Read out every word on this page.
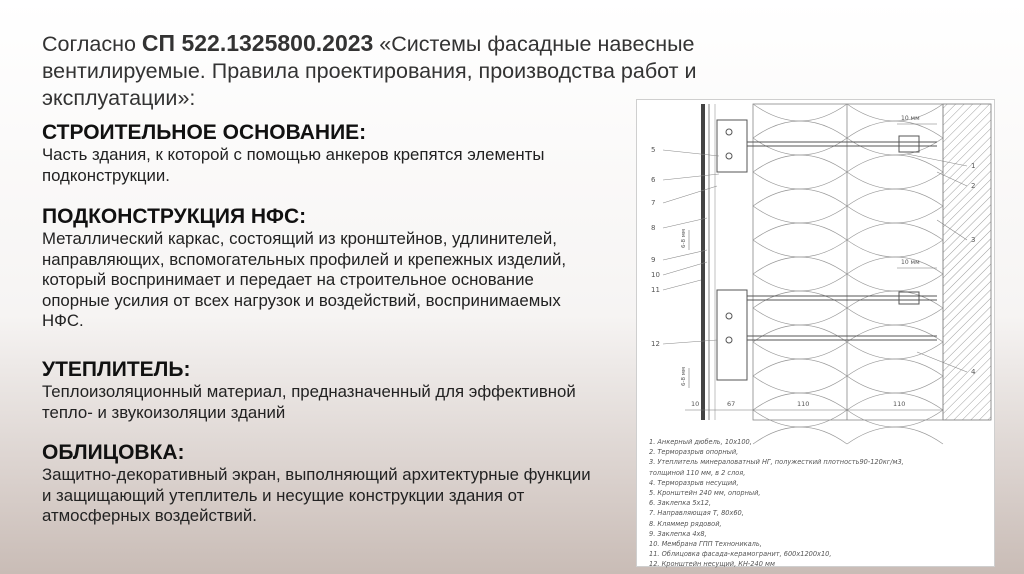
Согласно СП 522.1325800.2023 «Системы фасадные навесные вентилируемые. Правила проектирования, производства работ и эксплуатации»:

СТРОИТЕЛЬНОЕ ОСНОВАНИЕ:

Часть здания, к которой с помощью анкеров крепятся элементы подконструкции.

ПОДКОНСТРУКЦИЯ НФС:

Металлический каркас, состоящий из кронштейнов, удлинителей, направляющих, вспомогательных профилей и крепежных изделий, который воспринимает и передает на строительное основание опорные усилия от всех нагрузок и воздействий, воспринимаемых НФС.

УТЕПЛИТЕЛЬ:

Теплоизоляционный материал, предназначенный для эффективной тепло- и звукоизоляции зданий

ОБЛИЦОВКА:

Защитно-декоративный экран, выполняющий архитектурные функции и защищающий утеплитель и несущие конструкции здания от атмосферных воздействий.

5
6
7
8
9
10
11
12
1
2
3
4
10 мм
10 мм
10	67	110	110
6-8 мм
6-8 мм
1. Анкерный дюбель, 10х100,
2. Терморазрыв опорный,
3. Утеплитель минераловатный НГ, полужесткий плотность90-120кг/м3,
толщиной 110 мм, в 2 слоя,
4. Терморазрыв несущий,
5. Кронштейн 240 мм, опорный,
6. Заклепка 5х12,
7. Направляющая Т, 80х60,
8. Кляммер рядовой,
9. Заклепка 4х8,
10. Мембрана ГПП Техноникаль,
11. Облицовка фасада-керамогранит, 600х1200х10,
12. Кронштейн несущий, КН-240 мм
